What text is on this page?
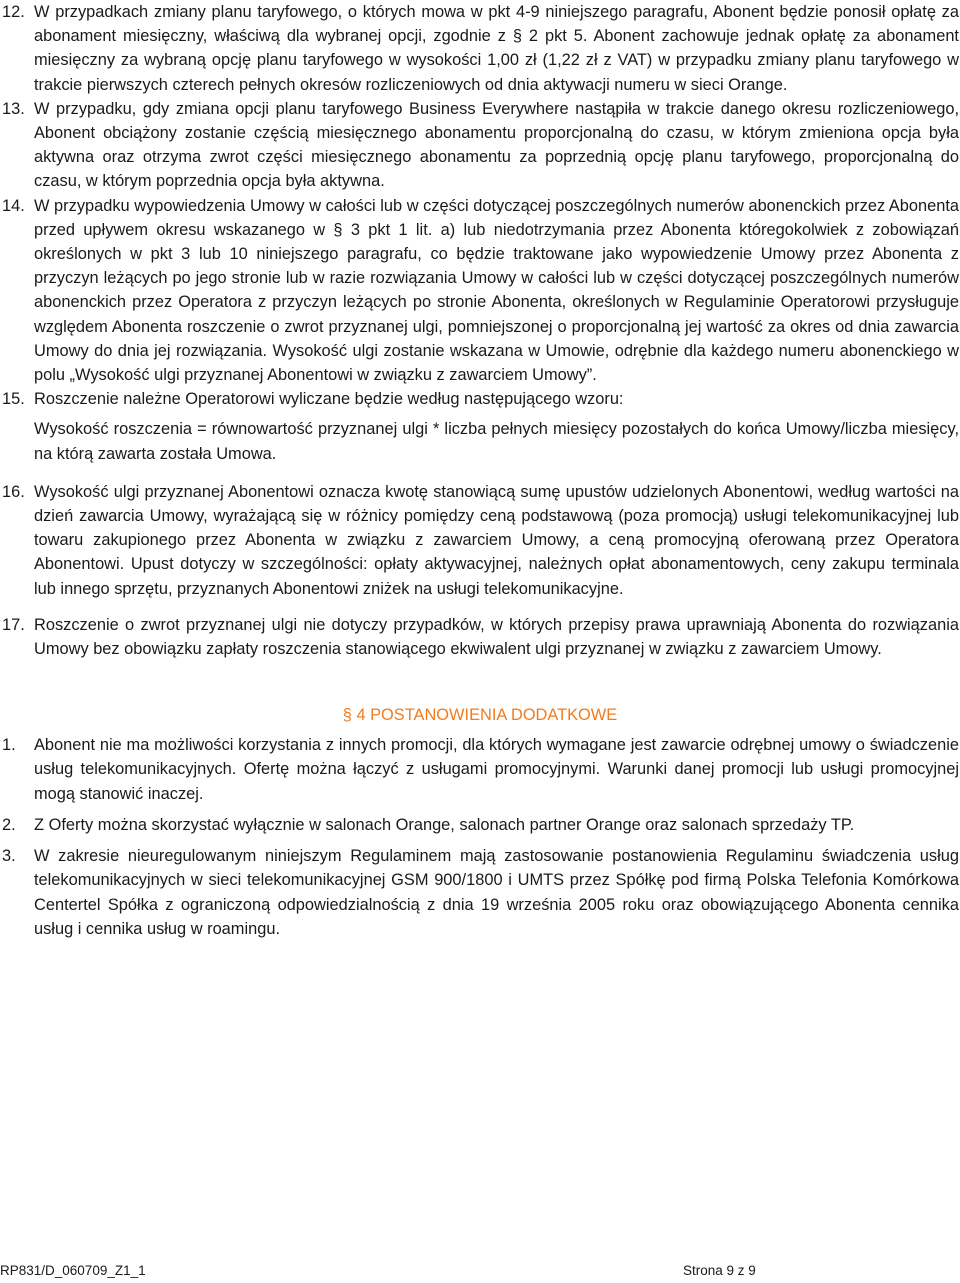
12. W przypadkach zmiany planu taryfowego, o których mowa w pkt 4-9 niniejszego paragrafu, Abonent będzie ponosił opłatę za abonament miesięczny, właściwą dla wybranej opcji, zgodnie z § 2 pkt 5. Abonent zachowuje jednak opłatę za abonament miesięczny za wybraną opcję planu taryfowego w wysokości 1,00 zł (1,22 zł z VAT) w przypadku zmiany planu taryfowego w trakcie pierwszych czterech pełnych okresów rozliczeniowych od dnia aktywacji numeru w sieci Orange.
13. W przypadku, gdy zmiana opcji planu taryfowego Business Everywhere nastąpiła w trakcie danego okresu rozliczeniowego, Abonent obciążony zostanie częścią miesięcznego abonamentu proporcjonalną do czasu, w którym zmieniona opcja była aktywna oraz otrzyma zwrot części miesięcznego abonamentu za poprzednią opcję planu taryfowego, proporcjonalną do czasu, w którym poprzednia opcja była aktywna.
14. W przypadku wypowiedzenia Umowy w całości lub w części dotyczącej poszczególnych numerów abonenckich przez Abonenta przed upływem okresu wskazanego w § 3 pkt 1 lit. a) lub niedotrzymania przez Abonenta któregokolwiek z zobowiązań określonych w pkt 3 lub 10 niniejszego paragrafu, co będzie traktowane jako wypowiedzenie Umowy przez Abonenta z przyczyn leżących po jego stronie lub w razie rozwiązania Umowy w całości lub w części dotyczącej poszczególnych numerów abonenckich przez Operatora z przyczyn leżących po stronie Abonenta, określonych w Regulaminie Operatorowi przysługuje względem Abonenta roszczenie o zwrot przyznanej ulgi, pomniejszonej o proporcjonalną jej wartość za okres od dnia zawarcia Umowy do dnia jej rozwiązania. Wysokość ulgi zostanie wskazana w Umowie, odrębnie dla każdego numeru abonenckiego w polu „Wysokość ulgi przyznanej Abonentowi w związku z zawarciem Umowy”.
15. Roszczenie należne Operatorowi wyliczane będzie według następującego wzoru:
Wysokość roszczenia = równowartość przyznanej ulgi * liczba pełnych miesięcy pozostałych do końca Umowy/liczba miesięcy, na którą zawarta została Umowa.
16. Wysokość ulgi przyznanej Abonentowi oznacza kwotę stanowiącą sumę upustów udzielonych Abonentowi, według wartości na dzień zawarcia Umowy, wyrażającą się w różnicy pomiędzy ceną podstawową (poza promocją) usługi telekomunikacyjnej lub towaru zakupionego przez Abonenta w związku z zawarciem Umowy, a ceną promocyjną oferowaną przez Operatora Abonentowi. Upust dotyczy w szczególności: opłaty aktywacyjnej, należnych opłat abonamentowych, ceny zakupu terminala lub innego sprzętu, przyznanych Abonentowi zniżek na usługi telekomunikacyjne.
17. Roszczenie o zwrot przyznanej ulgi nie dotyczy przypadków, w których przepisy prawa uprawniają Abonenta do rozwiązania Umowy bez obowiązku zapłaty roszczenia stanowiącego ekwiwalent ulgi przyznanej w związku z zawarciem Umowy.
§ 4 POSTANOWIENIA DODATKOWE
1.	Abonent nie ma możliwości korzystania z innych promocji, dla których wymagane jest zawarcie odrębnej umowy o świadczenie usług telekomunikacyjnych. Ofertę można łączyć z usługami promocyjnymi. Warunki danej promocji lub usługi promocyjnej mogą stanowić inaczej.
2.	Z Oferty można skorzystać wyłącznie w salonach Orange, salonach partner Orange oraz salonach sprzedaży TP.
3.	W zakresie nieuregulowanym niniejszym Regulaminem mają zastosowanie postanowienia Regulaminu świadczenia usług telekomunikacyjnych w sieci telekomunikacyjnej GSM 900/1800 i UMTS przez Spółkę pod firmą Polska Telefonia Komórkowa Centertel Spółka z ograniczoną odpowiedzialnością z dnia 19 września 2005 roku oraz obowiązującego Abonenta cennika usług i cennika usług w roamingu.
RP831/D_060709_Z1_1	Strona 9 z 9
